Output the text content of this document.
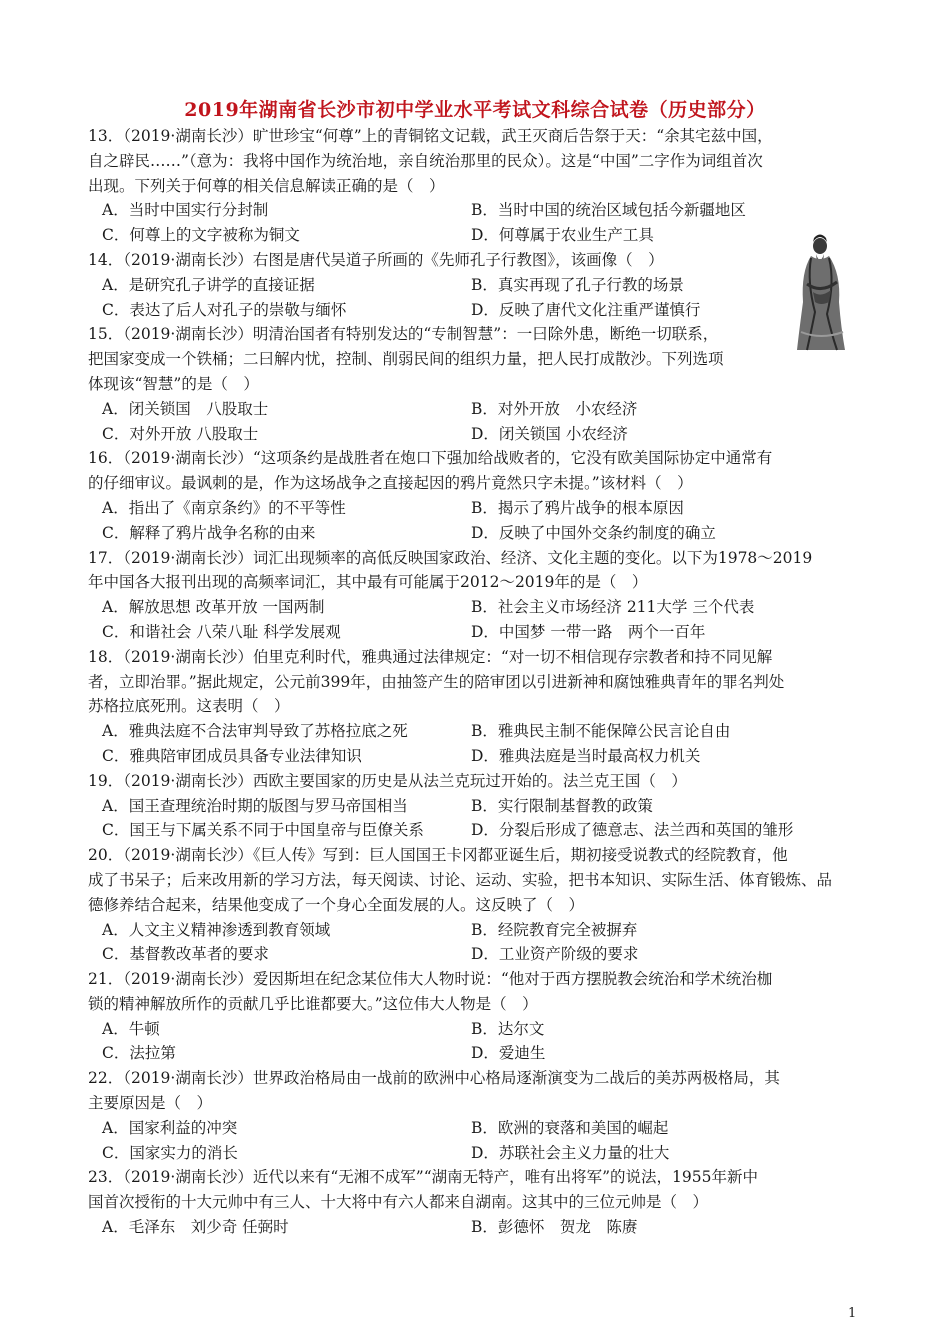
2019年湖南省长沙市初中学业水平考试文科综合试卷（历史部分）
13．（2019·湖南长沙）旷世珍宝“何尊”上的青铜铭文记载，武王灭商后告祭于天：“余其宅兹中国，
自之辟民……”（意为：我将中国作为统治地，亲自统治那里的民众）。这是“中国”二字作为词组首次
出现。下列关于何尊的相关信息解读正确的是（　）
A．当时中国实行分封制	B．当时中国的统治区域包括今新疆地区
C．何尊上的文字被称为铜文	D．何尊属于农业生产工具
14．（2019·湖南长沙）右图是唐代吴道子所画的《先师孔子行教图》，该画像（　）
A．是研究孔子讲学的直接证据	B．真实再现了孔子行教的场景
C．表达了后人对孔子的崇敬与缅怀	D．反映了唐代文化注重严谨慎行
15．（2019·湖南长沙）明清治国者有特别发达的“专制智慧”：一曰除外患，断绝一切联系，
把国家变成一个铁桶；二曰解内忧，控制、削弱民间的组织力量，把人民打成散沙。下列选项
体现该“智慧”的是（　）
A．闭关锁国　八股取士	B．对外开放　小农经济
C．对外开放 八股取士	D．闭关锁国 小农经济
16．（2019·湖南长沙）“这项条约是战胜者在炮口下强加给战败者的，它没有欧美国际协定中通常有
的仔细审议。最讽刺的是，作为这场战争之直接起因的鸦片竟然只字未提。”该材料（　）
A．指出了《南京条约》的不平等性	B．揭示了鸦片战争的根本原因
C．解释了鸦片战争名称的由来	D．反映了中国外交条约制度的确立
17．（2019·湖南长沙）词汇出现频率的高低反映国家政治、经济、文化主题的变化。以下为1978～2019
年中国各大报刊出现的高频率词汇，其中最有可能属于2012～2019年的是（　）
A．解放思想 改革开放 一国两制	B．社会主义市场经济 211大学 三个代表
C．和谐社会 八荣八耻 科学发展观	D．中国梦 一带一路　两个一百年
18．（2019·湖南长沙）伯里克利时代，雅典通过法律规定：“对一切不相信现存宗教者和持不同见解
者，立即治罪。”据此规定，公元前399年，由抽签产生的陪审团以引进新神和腐蚀雅典青年的罪名判处
苏格拉底死刑。这表明（　）
A．雅典法庭不合法审判导致了苏格拉底之死	B．雅典民主制不能保障公民言论自由
C．雅典陪审团成员具备专业法律知识	D．雅典法庭是当时最高权力机关
19．（2019·湖南长沙）西欧主要国家的历史是从法兰克玩过开始的。法兰克王国（　）
A．国王查理统治时期的版图与罗马帝国相当	B．实行限制基督教的政策
C．国王与下属关系不同于中国皇帝与臣僚关系	D．分裂后形成了德意志、法兰西和英国的雏形
20．（2019·湖南长沙）《巨人传》写到：巨人国国王卡冈都亚诞生后，期初接受说教式的经院教育，他
成了书呆子；后来改用新的学习方法，每天阅读、讨论、运动、实验，把书本知识、实际生活、体育锻炼、品
德修养结合起来，结果他变成了一个身心全面发展的人。这反映了（　）
A．人文主义精神渗透到教育领域	B．经院教育完全被摒弃
C．基督教改革者的要求	D．工业资产阶级的要求
21．（2019·湖南长沙）爱因斯坦在纪念某位伟大人物时说：“他对于西方摆脱教会统治和学术统治枷
锁的精神解放所作的贡献几乎比谁都要大。”这位伟大人物是（　）
A．牛顿	B．达尔文
C．法拉第	D．爱迪生
22．（2019·湖南长沙）世界政治格局由一战前的欧洲中心格局逐渐演变为二战后的美苏两极格局，其
主要原因是（　）
A．国家利益的冲突	B．欧洲的衰落和美国的崛起
C．国家实力的消长	D．苏联社会主义力量的壮大
23．（2019·湖南长沙）近代以来有“无湘不成军”“湖南无特产，唯有出将军”的说法，1955年新中
国首次授衔的十大元帅中有三人、十大将中有六人都来自湖南。这其中的三位元帅是（　）
A．毛泽东　刘少奇 任弼时	B．彭德怀　贺龙　陈赓
1
